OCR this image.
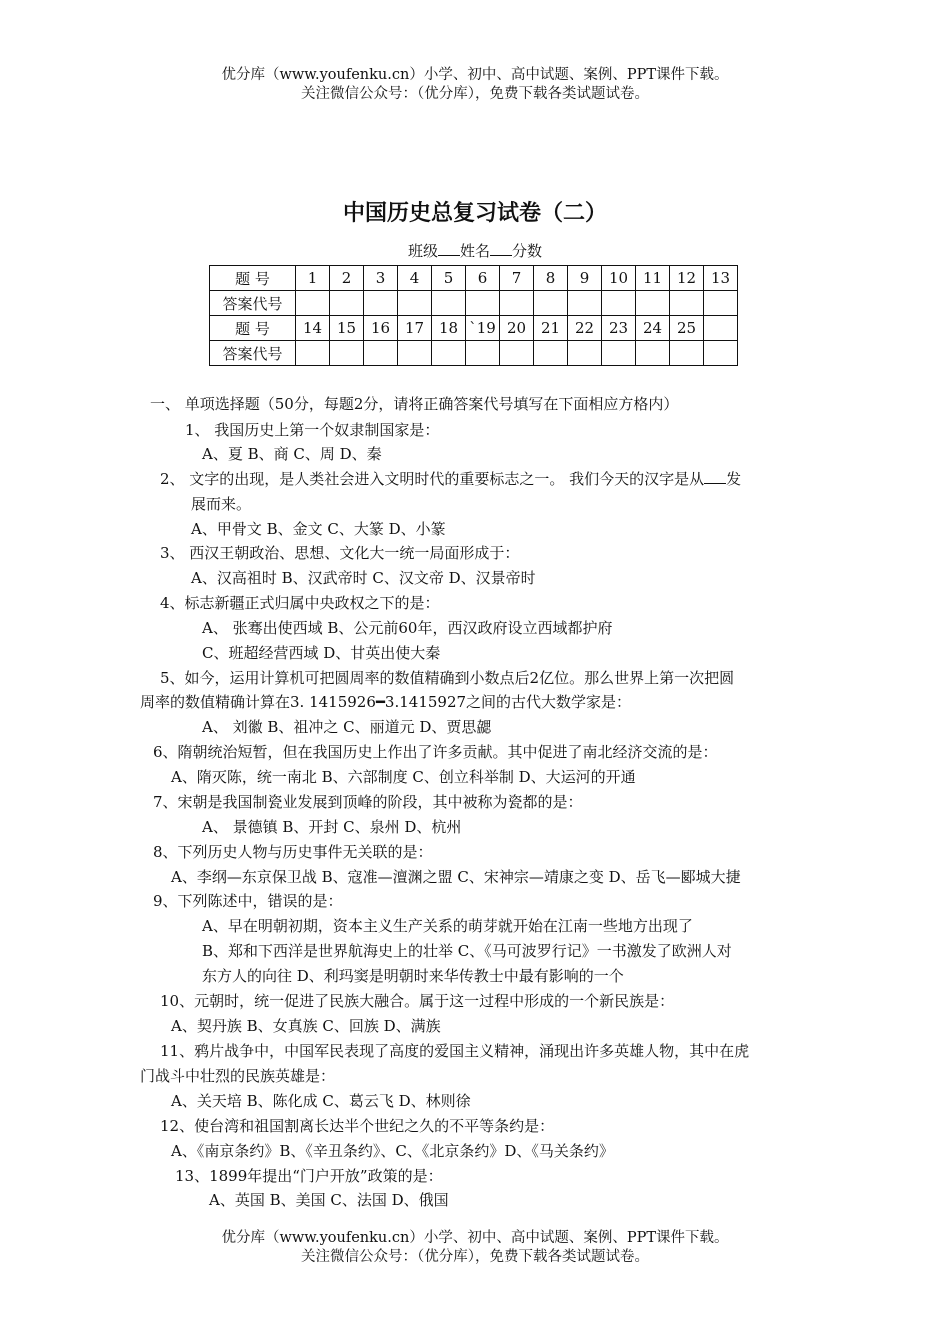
优分库（www.youfenku.cn）小学、初中、高中试题、案例、PPT课件下载。
关注微信公众号：（优分库），免费下载各类试题试卷。
中国历史总复习试卷（二）
班级 姓名 分数
题 号	1	2	3	4	5	6	7	8	9	10	11	12	13
答案代号													
题 号	14	15	16	17	18	`19	20	21	22	23	24	25	
答案代号													
一、 单项选择题（50分，每题2分，请将正确答案代号填写在下面相应方格内）
1、 我国历史上第一个奴隶制国家是：
A、夏 B、商 C、周 D、秦
2、 文字的出现，是人类社会进入文明时代的重要标志之一。 我们今天的汉字是从 发
展而来。
A、甲骨文 B、金文 C、大篆 D、小篆
3、 西汉王朝政治、思想、文化大一统一局面形成于：
A、汉高祖时 B、汉武帝时 C、汉文帝 D、汉景帝时
4、标志新疆正式归属中央政权之下的是：
A、 张骞出使西域 B、公元前60年，西汉政府设立西域都护府
C、班超经营西域 D、甘英出使大秦
5、如今，运用计算机可把圆周率的数值精确到小数点后2亿位。那么世界上第一次把圆
周率的数值精确计算在3. 1415926━3.1415927之间的古代大数学家是：
A、 刘徽 B、祖冲之 C、丽道元 D、贾思勰
6、隋朝统治短暂，但在我国历史上作出了许多贡献。其中促进了南北经济交流的是：
A、隋灭陈，统一南北 B、六部制度 C、创立科举制 D、大运河的开通
7、宋朝是我国制瓷业发展到顶峰的阶段，其中被称为瓷都的是：
A、 景德镇 B、开封 C、泉州 D、杭州
8、下列历史人物与历史事件无关联的是：
A、李纲—东京保卫战 B、寇准—澶渊之盟 C、宋神宗—靖康之变 D、岳飞—郾城大捷
9、下列陈述中，错误的是：
A、早在明朝初期，资本主义生产关系的萌芽就开始在江南一些地方出现了
B、郑和下西洋是世界航海史上的壮举 C、《马可波罗行记》一书激发了欧洲人对
东方人的向往 D、利玛窦是明朝时来华传教士中最有影响的一个
10、元朝时，统一促进了民族大融合。属于这一过程中形成的一个新民族是：
A、契丹族 B、女真族 C、回族 D、满族
11、鸦片战争中，中国军民表现了高度的爱国主义精神，涌现出许多英雄人物，其中在虎
门战斗中壮烈的民族英雄是：
A、关天培 B、陈化成 C、葛云飞 D、林则徐
12、使台湾和祖国割离长达半个世纪之久的不平等条约是：
A、《南京条约》B、《辛丑条约》、C、《北京条约》D、《马关条约》
13、1899年提出“门户开放”政策的是：
A、英国 B、美国 C、法国 D、俄国
优分库（www.youfenku.cn）小学、初中、高中试题、案例、PPT课件下载。
关注微信公众号：（优分库），免费下载各类试题试卷。
